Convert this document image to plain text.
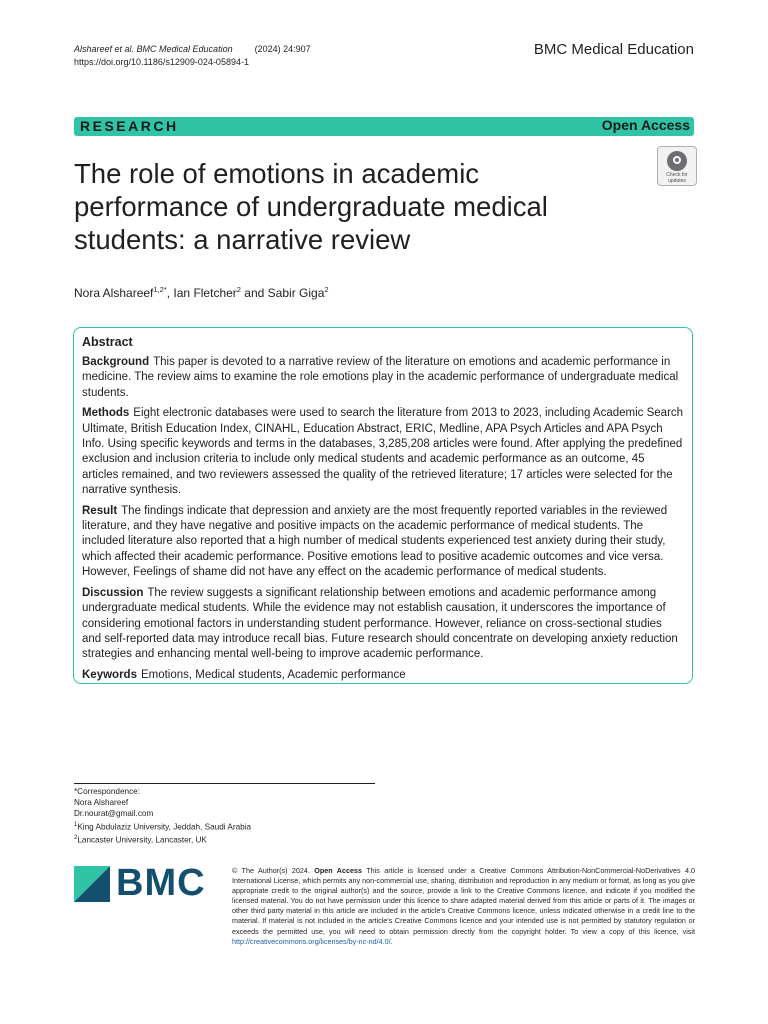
Alshareef et al. BMC Medical Education (2024) 24:907
https://doi.org/10.1186/s12909-024-05894-1
BMC Medical Education
RESEARCH	Open Access
The role of emotions in academic performance of undergraduate medical students: a narrative review
Check for
updates
Nora Alshareef$^{1,2*}$, Ian Fletcher$^2$ and Sabir Giga$^2$
Abstract

Background This paper is devoted to a narrative review of the literature on emotions and academic performance in medicine. The review aims to examine the role emotions play in the academic performance of undergraduate medical students.

Methods Eight electronic databases were used to search the literature from 2013 to 2023, including Academic Search Ultimate, British Education Index, CINAHL, Education Abstract, ERIC, Medline, APA Psych Articles and APA Psych Info. Using specific keywords and terms in the databases, 3,285,208 articles were found. After applying the predefined exclusion and inclusion criteria to include only medical students and academic performance as an outcome, 45 articles remained, and two reviewers assessed the quality of the retrieved literature; 17 articles were selected for the narrative synthesis.

Result The findings indicate that depression and anxiety are the most frequently reported variables in the reviewed literature, and they have negative and positive impacts on the academic performance of medical students. The included literature also reported that a high number of medical students experienced test anxiety during their study, which affected their academic performance. Positive emotions lead to positive academic outcomes and vice versa. However, Feelings of shame did not have any effect on the academic performance of medical students.

Discussion The review suggests a significant relationship between emotions and academic performance among undergraduate medical students. While the evidence may not establish causation, it underscores the importance of considering emotional factors in understanding student performance. However, reliance on cross-sectional studies and self-reported data may introduce recall bias. Future research should concentrate on developing anxiety reduction strategies and enhancing mental well-being to improve academic performance.

Keywords Emotions, Medical students, Academic performance

*Correspondence:
Nora Alshareef
Dr.nourat@gmail.com
$^1$King Abdulaziz University, Jeddah, Saudi Arabia
$^2$Lancaster University, Lancaster, UK
BMC	© The Author(s) 2024. Open Access This article is licensed under a Creative Commons Attribution-NonCommercial-NoDerivatives 4.0 International License, which permits any non-commercial use, sharing, distribution and reproduction in any medium or format, as long as you give appropriate credit to the original author(s) and the source, provide a link to the Creative Commons licence, and indicate if you modified the licensed material. You do not have permission under this licence to share adapted material derived from this article or parts of it. The images or other third party material in this article are included in the article's Creative Commons licence, unless indicated otherwise in a credit line to the material. If material is not included in the article's Creative Commons licence and your intended use is not permitted by statutory regulation or exceeds the permitted use, you will need to obtain permission directly from the copyright holder. To view a copy of this licence, visit http://creativecommons.org/licenses/by-nc-nd/4.0/.
